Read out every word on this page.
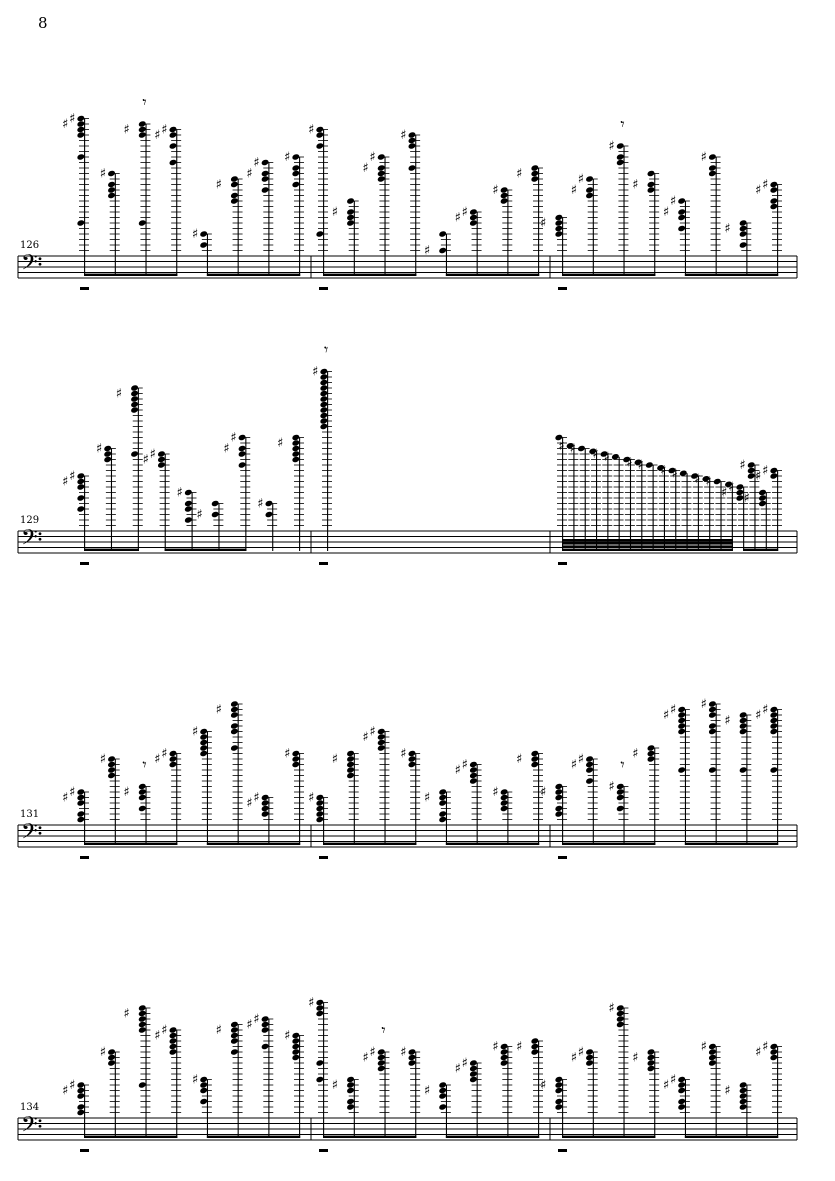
8
126
129
131
134
𝄢
♯
♯
♯
♯ ♯
♯
♯
♯
♯
♯
♯
𝄾
♯
♯
♯
♯
♯
♯
♯
♯
♯
♯
♯
♯
♯
♯
♯
♯
♯
♯
♯
♯
♯
𝄾
𝄢
♯
♯
♯
♯
♯
♯
♯
♯
♯
♯
♯
♯
♯
𝄾
♯ ♯ ♯ ♯ ♯ ♯ ♯ ♯ ♯ ♯ ♯
♯
♯
♯
♯
♯
𝄢
♯
♯
♯
♯
♯
♯
♯
♯
♯
♯
♯
𝄾
♯
♯
♯
♯
♯
♯
♯
♯
♯
♯
♯
♯
♯
♯
♯
♯
♯
♯
♯
♯
♯
𝄾
𝄢
♯
♯
♯
♯
♯
♯
♯
♯
♯
♯
♯
♯
♯
♯
♯ ♯
♯
♯
♯
♯ ♯
𝄾
♯
♯
♯
♯
♯
♯
♯
♯
♯
♯
♯
